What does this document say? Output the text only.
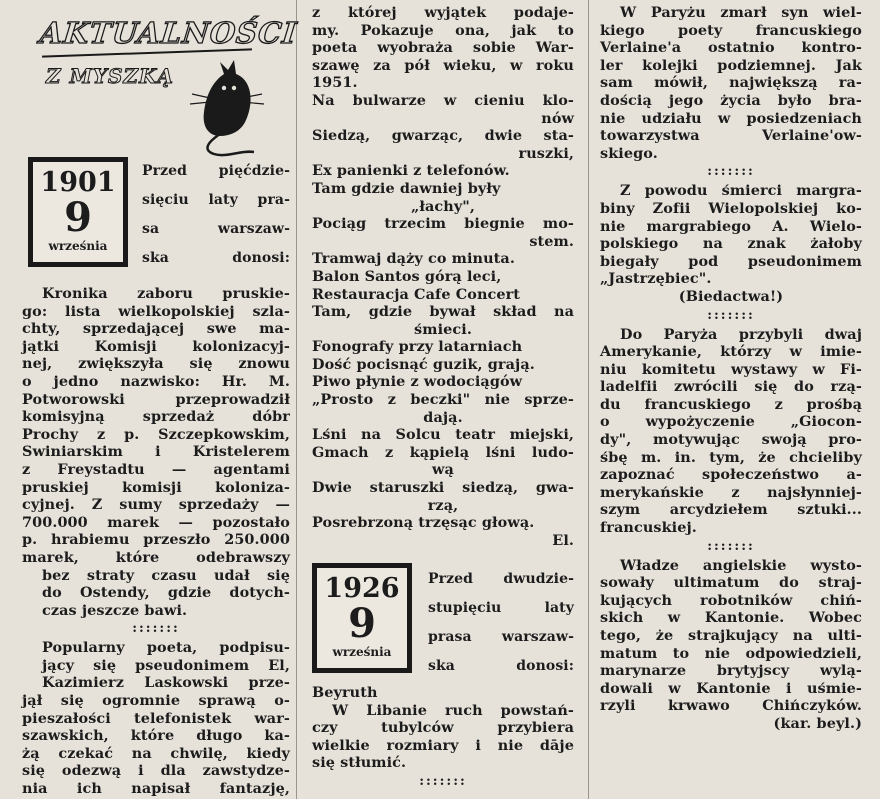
AKTUALNOŚCI
Z MYSZKĄ
1901
9
września
Przed pięćdzie-
sięciu laty pra-
sa warszaw-
ska donosi:
Kronika zaboru pruskie-
go: lista wielkopolskiej szla-
chty, sprzedającej swe ma-
jątki Komisji kolonizacyj-
nej, zwiększyła się znowu
o jedno nazwisko: Hr. M.
Potworowski przeprowadził
komisyjną sprzedaż dóbr
Prochy z p. Szczepkowskim,
Swiniarskim i Kristelerem
z Freystadtu — agentami
pruskiej komisji koloniza-
cyjnej. Z sumy sprzedaży —
700.000 marek — pozostało
p. hrabiemu przeszło 250.000
marek, które odebrawszy
bez straty czasu udał się
do Ostendy, gdzie dotych-
czas jeszcze bawi.
:::::::
Popularny poeta, podpisu-
jący się pseudonimem El,
Kazimierz Laskowski prze-
jął się ogromnie sprawą o-
pieszałości telefonistek war-
szawskich, które długo ka-
żą czekać na chwilę, kiedy
się odezwą i dla zawstydze-
nia ich napisał fantazję,
z której wyjątek podaje-
my. Pokazuje ona, jak to
poeta wyobraża sobie War-
szawę za pół wieku, w roku
1951.
Na bulwarze w cieniu klo-
nów
Siedzą, gwarząc, dwie sta-
ruszki,
Ex panienki z telefonów.
Tam gdzie dawniej były
„łachy",
Pociąg trzecim biegnie mo-
stem.
Tramwaj dąży co minuta.
Balon Santos górą leci,
Restauracja Cafe Concert
Tam, gdzie bywał skład na
śmieci.
Fonografy przy latarniach
Dość pocisnąć guzik, grają.
Piwo płynie z wodociągów
„Prosto z beczki" nie sprze-
dają.
Lśni na Solcu teatr miejski,
Gmach z kąpielą lśni ludo-
wą
Dwie staruszki siedzą, gwa-
rzą,
Posrebrzoną trzęsąc głową.
El.
1926
9
września
Przed dwudzie-
stupięciu laty
prasa warszaw-
ska donosi:
Beyruth
W Libanie ruch powstań-
czy tubylców przybiera
wielkie rozmiary i nie dāje
się stłumić.
:::::::
W Paryżu zmarł syn wiel-
kiego poety francuskiego
Verlaine'a ostatnio kontro-
ler kolejki podziemnej. Jak
sam mówił, największą ra-
dością jego życia było bra-
nie udziału w posiedzeniach
towarzystwa Verlaine'ow-
skiego.
:::::::
Z powodu śmierci margra-
biny Zofii Wielopolskiej ko-
nie margrabiego A. Wielo-
polskiego na znak żałoby
biegały pod pseudonimem
„Jastrzębiec".
(Biedactwa!)
:::::::
Do Paryża przybyli dwaj
Amerykanie, którzy w imie-
niu komitetu wystawy w Fi-
ladelfii zwrócili się do rzą-
du francuskiego z prośbą
o wypożyczenie „Giocon-
dy", motywując swoją pro-
śbę m. in. tym, że chcieliby
zapoznać społeczeństwo a-
merykańskie z najsłynniej-
szym arcydziełem sztuki...
francuskiej.
:::::::
Władze angielskie wysto-
sowały ultimatum do straj-
kujących robotników chiń-
skich w Kantonie. Wobec
tego, że strajkujący na ulti-
matum to nie odpowiedzieli,
marynarze brytyjscy wylą-
dowali w Kantonie i uśmie-
rzyli krwawo Chińczyków.
(kar. beyl.)
